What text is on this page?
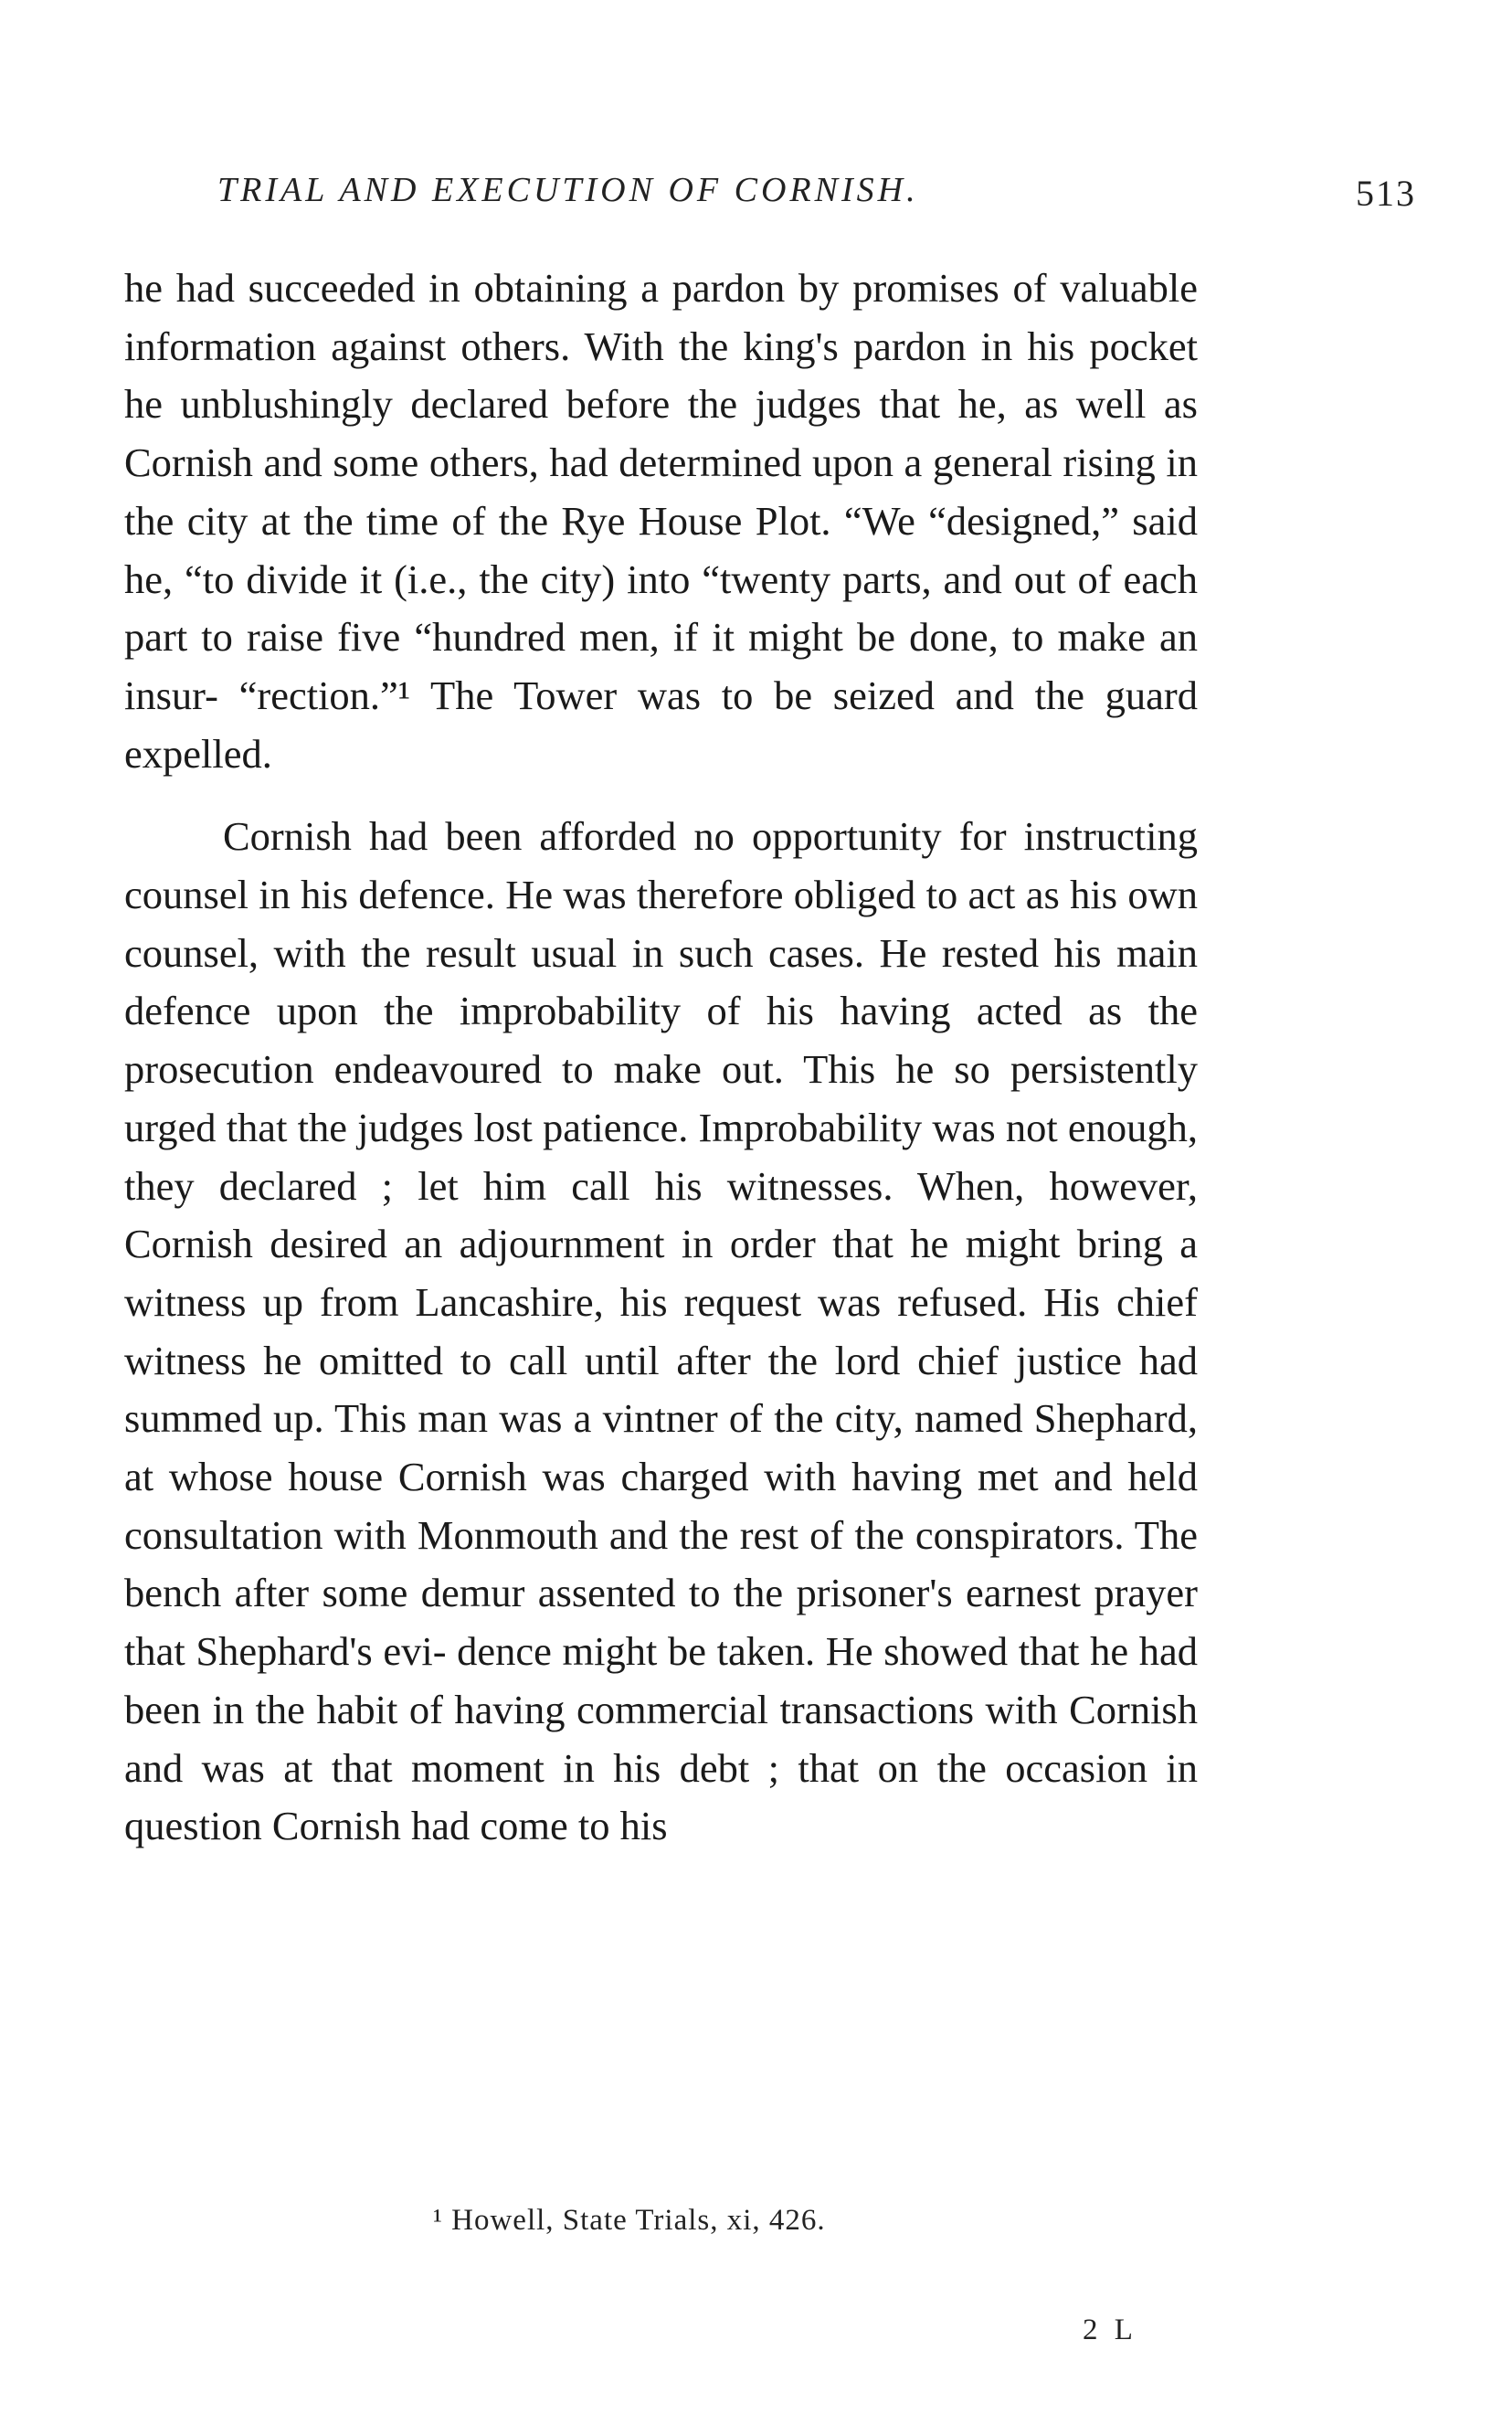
TRIAL AND EXECUTION OF CORNISH.	513

he had succeeded in obtaining a pardon by promises of valuable information against others. With the king's pardon in his pocket he unblushingly declared before the judges that he, as well as Cornish and some others, had determined upon a general rising in the city at the time of the Rye House Plot. “We “designed,” said he, “to divide it (i.e., the city) into “twenty parts, and out of each part to raise five “hundred men, if it might be done, to make an insur- “rection.”¹ The Tower was to be seized and the guard expelled.

Cornish had been afforded no opportunity for instructing counsel in his defence. He was therefore obliged to act as his own counsel, with the result usual in such cases. He rested his main defence upon the improbability of his having acted as the prosecution endeavoured to make out. This he so persistently urged that the judges lost patience. Improbability was not enough, they declared ; let him call his witnesses. When, however, Cornish desired an adjournment in order that he might bring a witness up from Lancashire, his request was refused. His chief witness he omitted to call until after the lord chief justice had summed up. This man was a vintner of the city, named Shephard, at whose house Cornish was charged with having met and held consultation with Monmouth and the rest of the conspirators. The bench after some demur assented to the prisoner's earnest prayer that Shephard's evi- dence might be taken. He showed that he had been in the habit of having commercial transactions with Cornish and was at that moment in his debt ; that on the occasion in question Cornish had come to his

¹ Howell, State Trials, xi, 426.
2 L
